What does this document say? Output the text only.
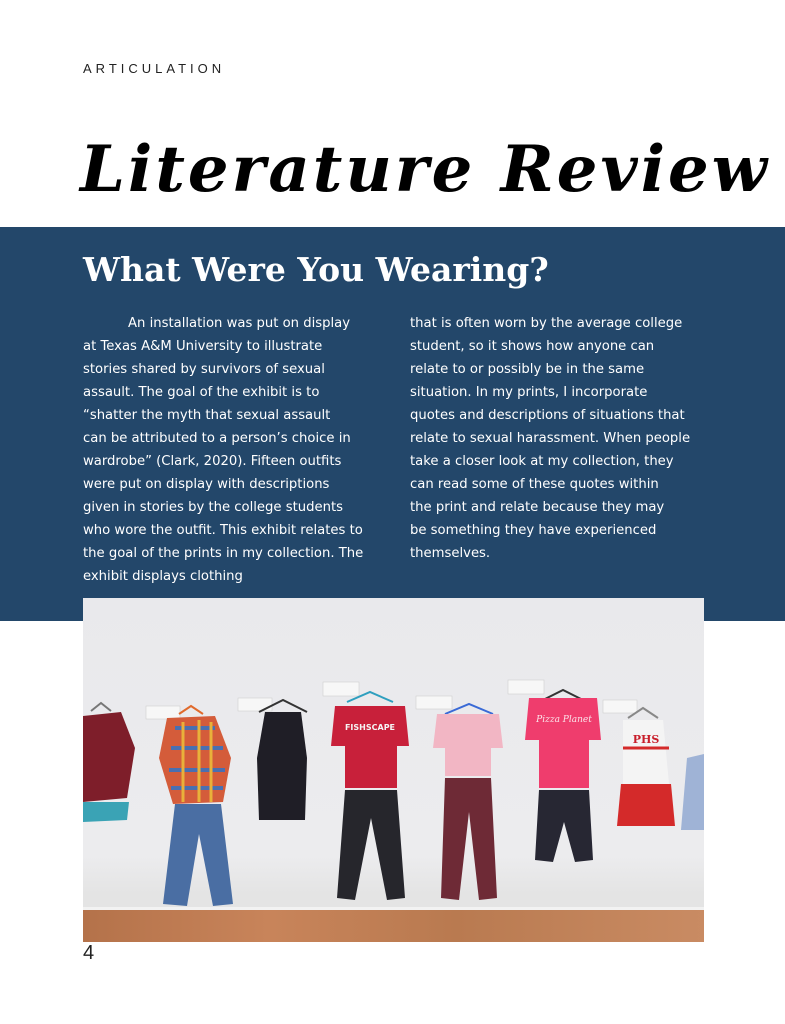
ARTICULATION
Literature Review
What Were You Wearing?
An installation was put on display
at Texas A&M University to illustrate
stories shared by survivors of sexual
assault. The goal of the exhibit is to
“shatter the myth that sexual assault
can be attributed to a person’s choice in
wardrobe” (Clark, 2020). Fifteen outfits
were put on display with descriptions
given in stories by the college students
who wore the outfit. This exhibit relates to
the goal of the prints in my collection. The
exhibit displays clothing
that is often worn by the average college
student, so it shows how anyone can
relate to or possibly be in the same
situation. In my prints, I incorporate
quotes and descriptions of situations that
relate to sexual harassment. When people
take a closer look at my collection, they
can read some of these quotes within
the print and relate because they may
be something they have experienced
themselves.
FISHSCAPE
Pizza Planet
PHS
4
